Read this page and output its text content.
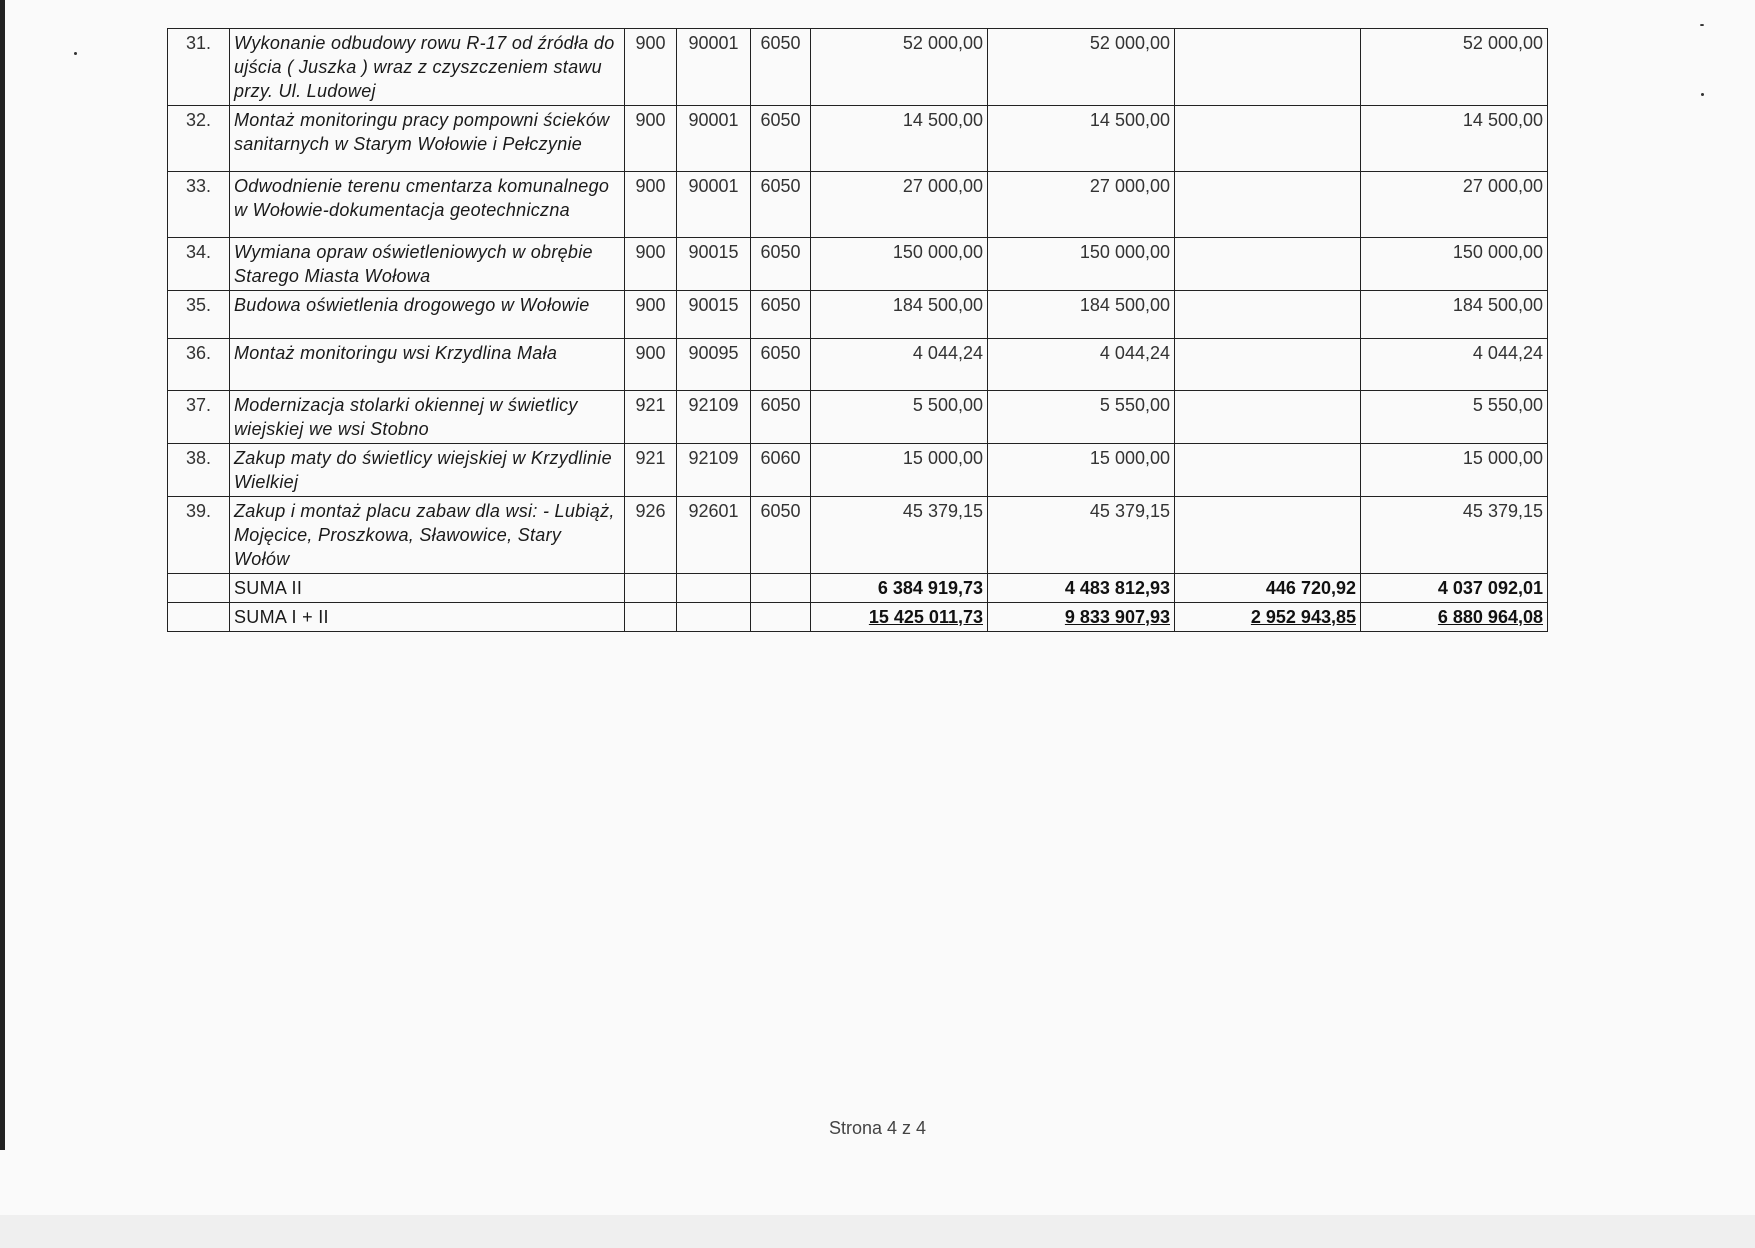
31.	Wykonanie odbudowy rowu R-17 od źródła do ujścia ( Juszka ) wraz z czyszczeniem stawu przy. Ul. Ludowej	900	90001	6050	52 000,00	52 000,00		52 000,00
32.	Montaż monitoringu pracy pompowni ścieków sanitarnych w Starym Wołowie i Pełczynie	900	90001	6050	14 500,00	14 500,00		14 500,00
33.	Odwodnienie terenu cmentarza komunalnego w Wołowie-dokumentacja geotechniczna	900	90001	6050	27 000,00	27 000,00		27 000,00
34.	Wymiana opraw oświetleniowych w obrębie Starego Miasta Wołowa	900	90015	6050	150 000,00	150 000,00		150 000,00
35.	Budowa oświetlenia drogowego w Wołowie	900	90015	6050	184 500,00	184 500,00		184 500,00
36.	Montaż monitoringu wsi Krzydlina Mała	900	90095	6050	4 044,24	4 044,24		4 044,24
37.	Modernizacja stolarki okiennej w świetlicy wiejskiej we wsi Stobno	921	92109	6050	5 500,00	5 550,00		5 550,00
38.	Zakup maty do świetlicy wiejskiej w Krzydlinie Wielkiej	921	92109	6060	15 000,00	15 000,00		15 000,00
39.	Zakup i montaż placu zabaw dla wsi: - Lubiąż, Mojęcice, Proszkowa, Sławowice, Stary Wołów	926	92601	6050	45 379,15	45 379,15		45 379,15
	SUMA II				6 384 919,73	4 483 812,93	446 720,92	4 037 092,01
	SUMA I + II				15 425 011,73	9 833 907,93	2 952 943,85	6 880 964,08
Strona 4 z 4
